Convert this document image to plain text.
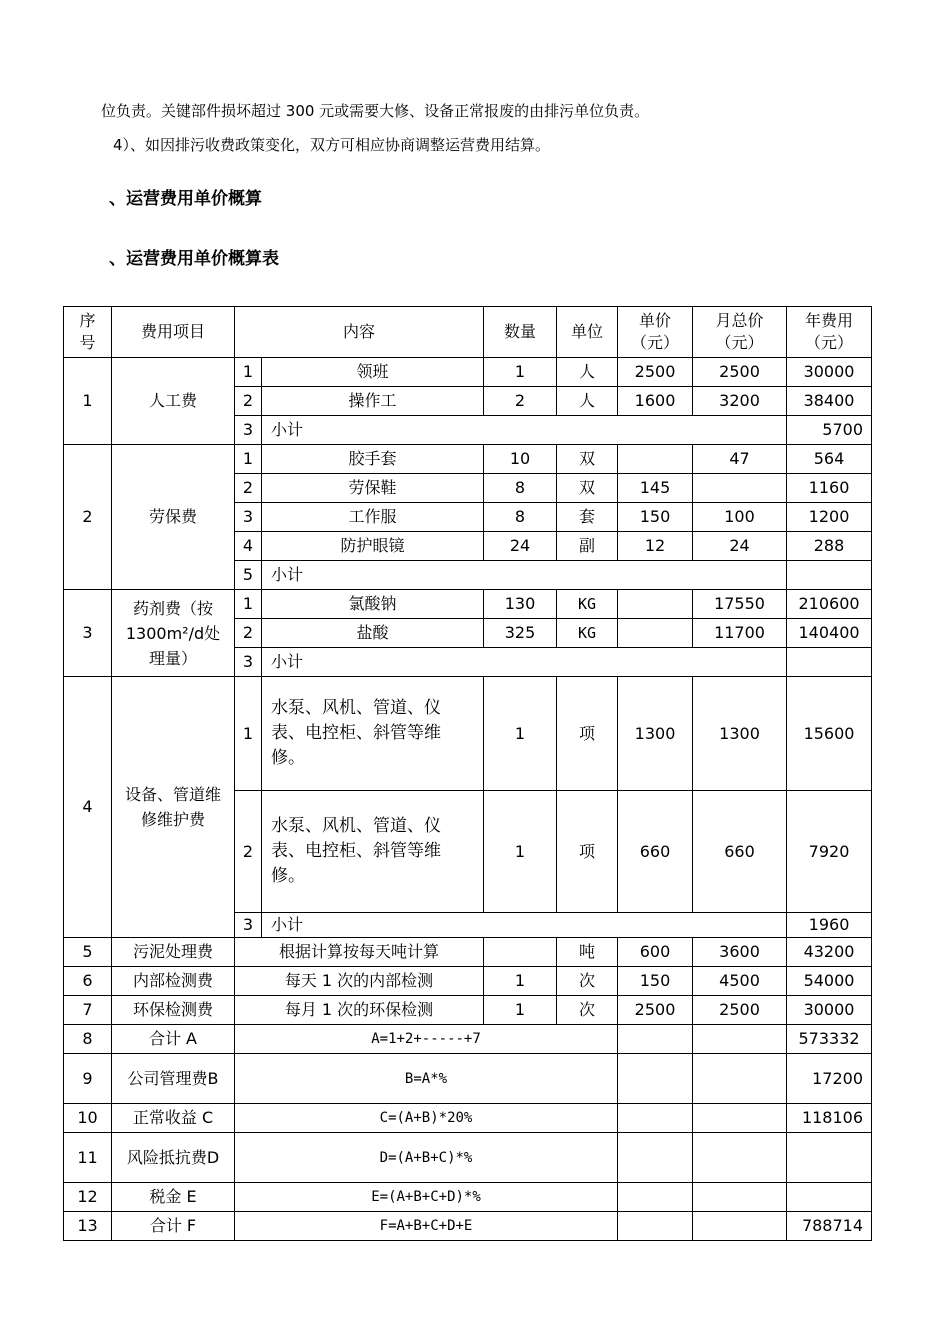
位负责。关键部件损坏超过 300 元或需要大修、设备正常报废的由排污单位负责。
4）、如因排污收费政策变化，双方可相应协商调整运营费用结算。
、运营费用单价概算
、运营费用单价概算表
序号	费用项目	内容		数量	单位	单价（元）	月总价（元）	年费用（元）	
1	人工费	1	领班	1	人	2500	2500	30000	
		2	操作工	2	人	1600	3200	38400	
		3	小计					5700	
2	劳保费	1	胶手套	10	双		47	564	
		2	劳保鞋	8	双	145		1160	
		3	工作服	8	套	150	100	1200	
		4	防护眼镜	24	副	12	24	288	
		5	小计		
3	药剂费（按1300m²/d处理量）	1	氯酸钠	130	KG		17550	210600	
		2	盐酸	325	KG		11700	140400	
		3	小计		
4	设备、管道维修维护费	1	水泵、风机、管道、仪表、电控柜、斜管等维修。	1	项	1300	1300	15600	
		2	水泵、风机、管道、仪表、电控柜、斜管等维修。	1	项	660	660	7920	
		3	小计					1960	
5	污泥处理费	根据计算按每天吨计算			吨	600	3600	43200	
6	内部检测费	每天 1 次的内部检测		1	次	150	4500	54000	
7	环保检测费	每月 1 次的环保检测		1	次	2500	2500	30000	
8	合计 A	A=1+2+-----+7						573332	
9	公司管理费B	B=A*%						17200	
10	正常收益 C	C=(A+B)*20%						118106	
11	风险抵抗费D	D=(A+B+C)*%							
12	税金 E	E=(A+B+C+D)*%							
13	合计 F	F=A+B+C+D+E						788714	
